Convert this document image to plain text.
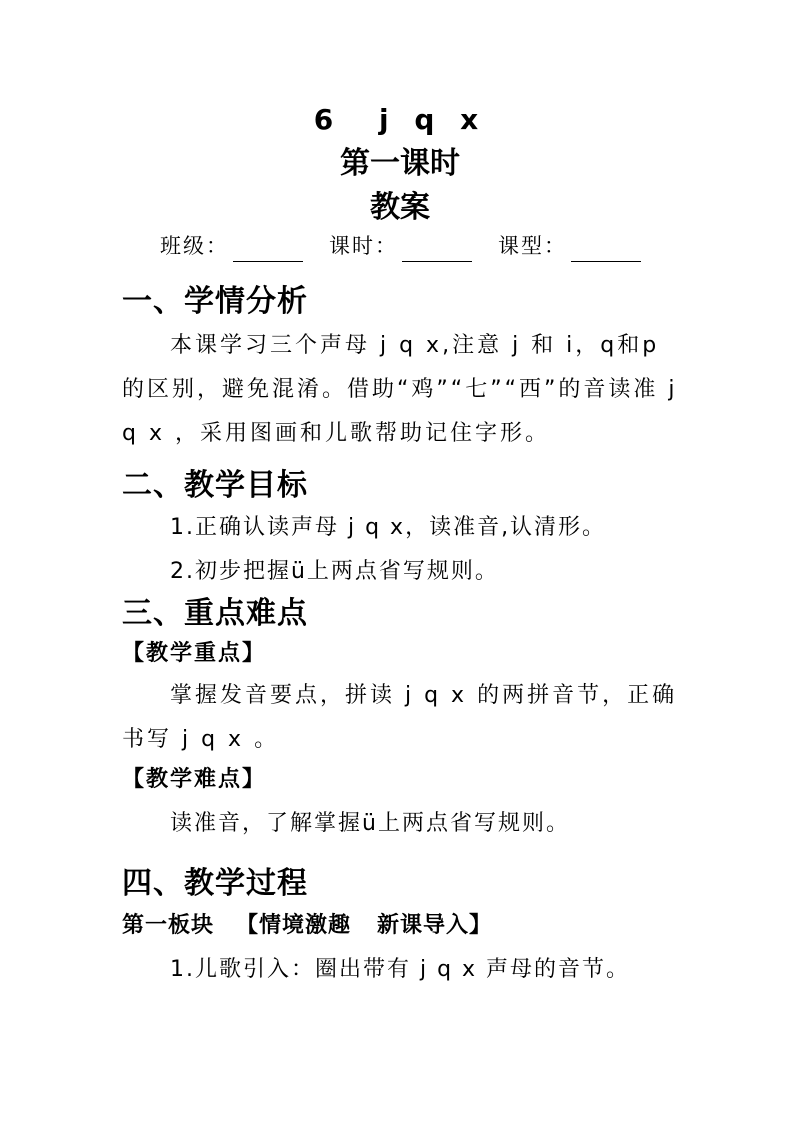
6 j q x
第一课时
教案
班级：	课时：	课型：
一、学情分析
本课学习三个声母 j q x,注意 j 和 i，q和p 的区别，避免混淆。借助“鸡”“七”“西”的音读准 j q x ，采用图画和儿歌帮助记住字形。
二、教学目标
1.正确认读声母 j q x，读准音,认清形。
2.初步把握ü上两点省写规则。
三、重点难点
【教学重点】
掌握发音要点，拼读 j q x 的两拼音节，正确书写 j q x 。
【教学难点】
读准音，了解掌握ü上两点省写规则。
四、教学过程
第一板块 【情境激趣 新课导入】
1.儿歌引入：圈出带有 j q x 声母的音节。
